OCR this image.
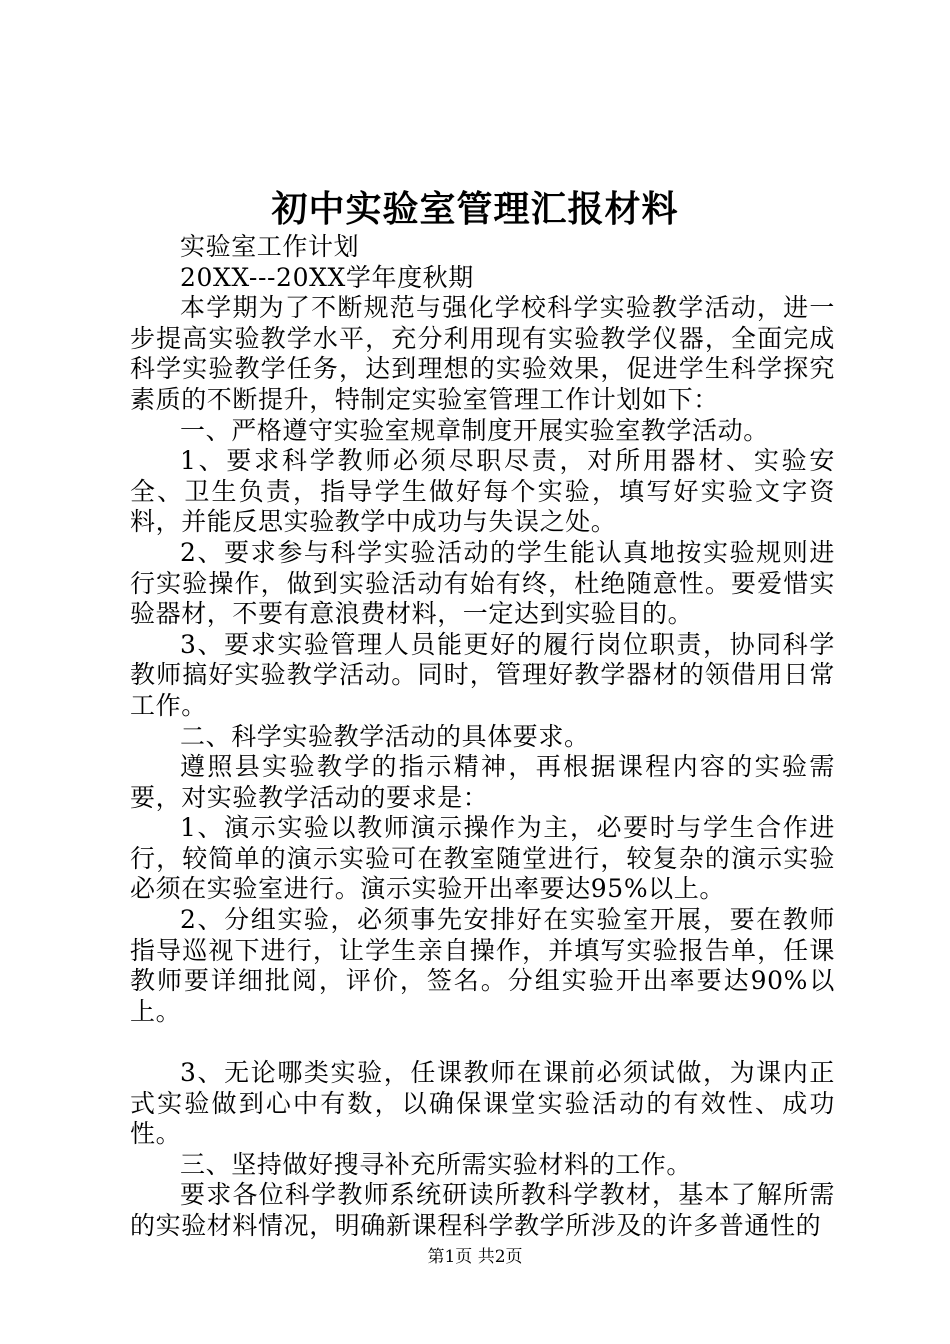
初中实验室管理汇报材料

实验室工作计划

20XX---20XX学年度秋期

本学期为了不断规范与强化学校科学实验教学活动，进一步提高实验教学水平，充分利用现有实验教学仪器，全面完成科学实验教学任务，达到理想的实验效果，促进学生科学探究素质的不断提升，特制定实验室管理工作计划如下：

一、严格遵守实验室规章制度开展实验室教学活动。

1、要求科学教师必须尽职尽责，对所用器材、实验安全、卫生负责，指导学生做好每个实验，填写好实验文字资料，并能反思实验教学中成功与失误之处。

2、要求参与科学实验活动的学生能认真地按实验规则进行实验操作，做到实验活动有始有终，杜绝随意性。要爱惜实验器材，不要有意浪费材料，一定达到实验目的。

3、要求实验管理人员能更好的履行岗位职责，协同科学教师搞好实验教学活动。同时，管理好教学器材的领借用日常工作。

二、科学实验教学活动的具体要求。

遵照县实验教学的指示精神，再根据课程内容的实验需要，对实验教学活动的要求是：

1、演示实验以教师演示操作为主，必要时与学生合作进行，较简单的演示实验可在教室随堂进行，较复杂的演示实验必须在实验室进行。演示实验开出率要达95%以上。

2、分组实验，必须事先安排好在实验室开展，要在教师指导巡视下进行，让学生亲自操作，并填写实验报告单，任课教师要详细批阅，评价，签名。分组实验开出率要达90%以上。

3、无论哪类实验，任课教师在课前必须试做，为课内正式实验做到心中有数，以确保课堂实验活动的有效性、成功性。

三、坚持做好搜寻补充所需实验材料的工作。

要求各位科学教师系统研读所教科学教材，基本了解所需的实验材料情况，明确新课程科学教学所涉及的许多普通性的

第1页 共2页
